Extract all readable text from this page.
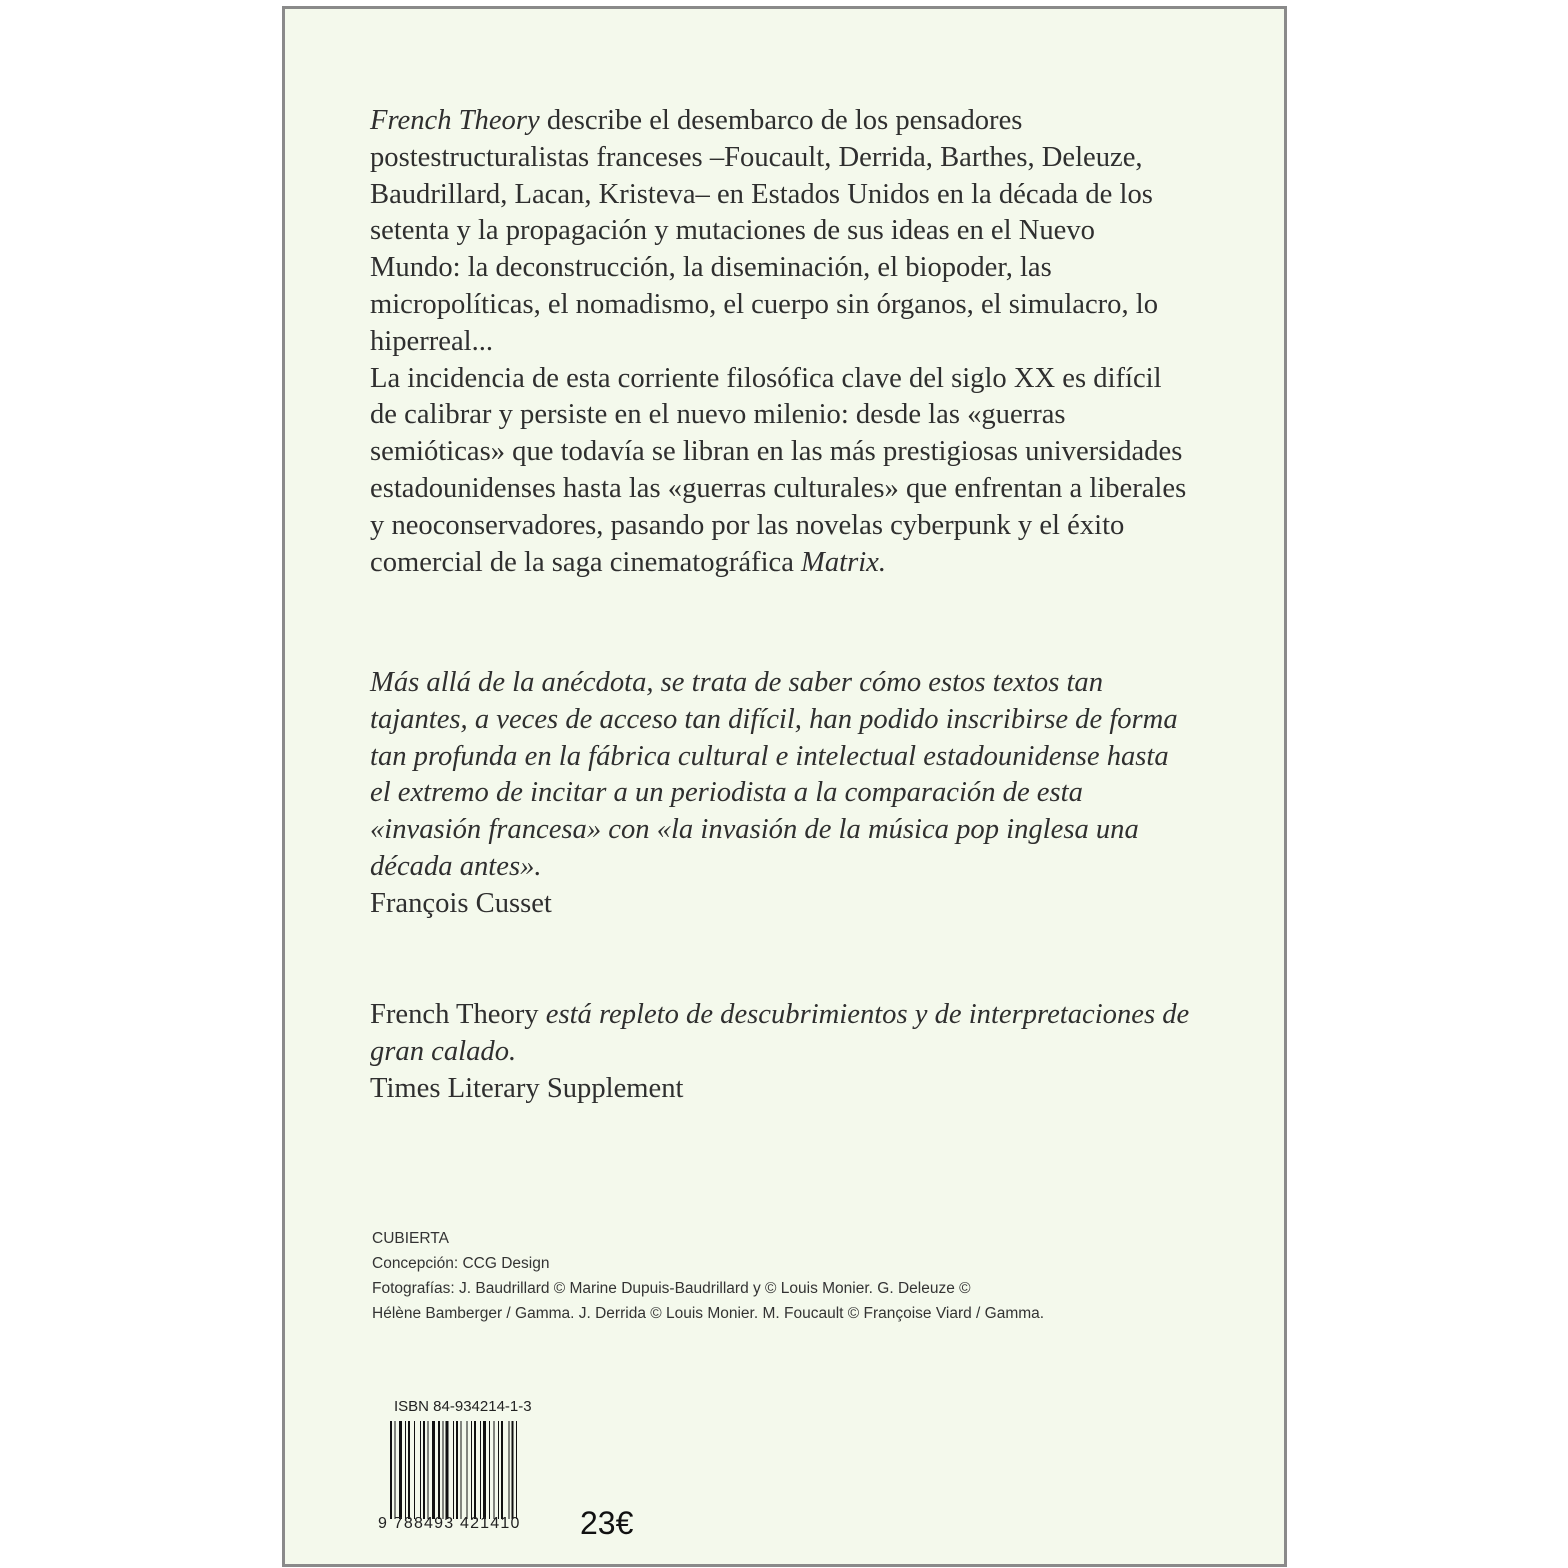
French Theory describe el desembarco de los pensadores postestructuralistas franceses –Foucault, Derrida, Barthes, Deleuze, Baudrillard, Lacan, Kristeva– en Estados Unidos en la década de los setenta y la propagación y mutaciones de sus ideas en el Nuevo Mundo: la deconstrucción, la diseminación, el biopoder, las micropolíticas, el nomadismo, el cuerpo sin órganos, el simulacro, lo hiperreal...

La incidencia de esta corriente filosófica clave del siglo XX es difícil de calibrar y persiste en el nuevo milenio: desde las «guerras semióticas» que todavía se libran en las más prestigiosas universidades estadounidenses hasta las «guerras culturales» que enfrentan a liberales y neoconservadores, pasando por las novelas cyberpunk y el éxito comercial de la saga cinematográfica Matrix.

Más allá de la anécdota, se trata de saber cómo estos textos tan tajantes, a veces de acceso tan difícil, han podido inscribirse de forma tan profunda en la fábrica cultural e intelectual estadounidense hasta el extremo de incitar a un periodista a la comparación de esta «invasión francesa» con «la invasión de la música pop inglesa una década antes».

François Cusset

French Theory está repleto de descubrimientos y de interpretaciones de gran calado.

Times Literary Supplement

CUBIERTA
Concepción: CCG Design
Fotografías: J. Baudrillard © Marine Dupuis-Baudrillard y © Louis Monier. G. Deleuze ©
Hélène Bamberger / Gamma. J. Derrida © Louis Monier. M. Foucault © Françoise Viard / Gamma.
ISBN 84-934214-1-3
9 788493 421410	23€
